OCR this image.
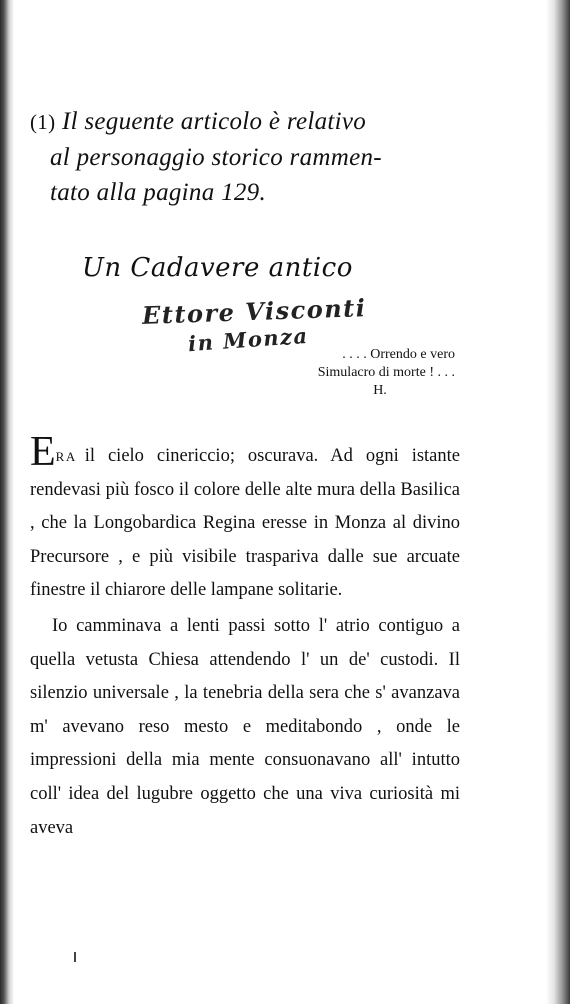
(1) Il seguente articolo è relativo
al personaggio storico rammen-
tato alla pagina 129.
Un Cadavere antico
Ettore Visconti
in Monza	. . . . Orrendo e vero
Simulacro di morte ! . . .
H.

ERA il cielo cinericcio; oscurava. Ad ogni istante rendevasi più fosco il colore delle alte mura della Basilica , che la Longobardica Regina eresse in Monza al divino Precursore , e più visibile traspariva dalle sue arcuate finestre il chiarore delle lampane solitarie.

Io camminava a lenti passi sotto l' atrio contiguo a quella vetusta Chiesa attendendo l' un de' custodi. Il silenzio universale , la tenebria della sera che s' avanzava m' avevano reso mesto e meditabondo , onde le impressioni della mia mente consuonavano all' intutto coll' idea del lugubre oggetto che una viva curiosità mi aveva
